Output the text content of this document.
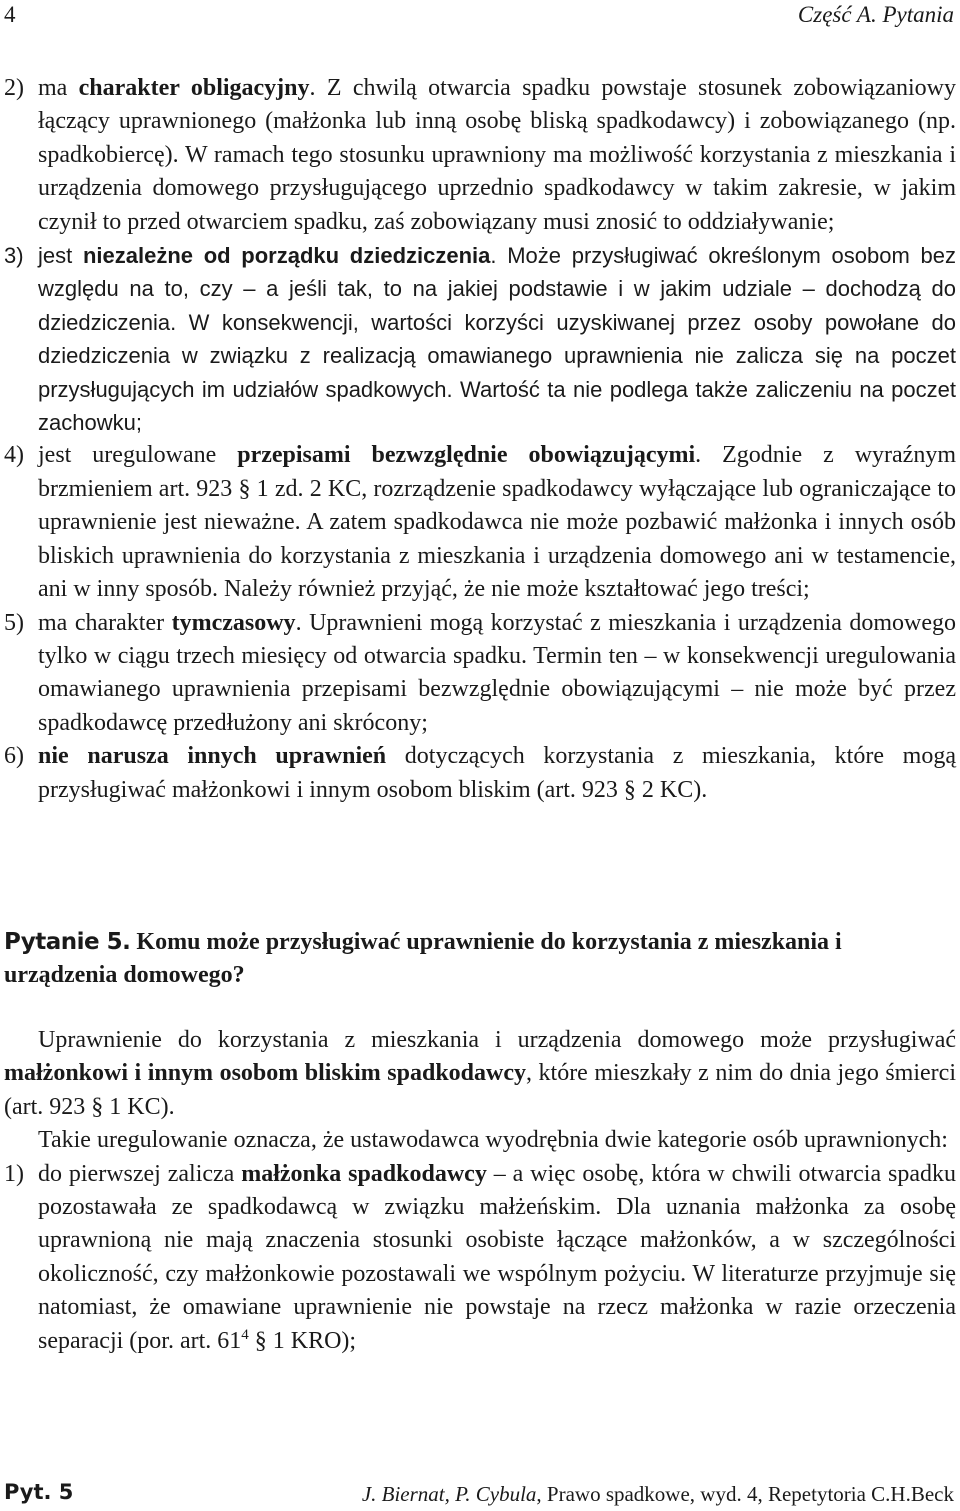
4	Część A. Pytania
2) ma charakter obligacyjny. Z chwilą otwarcia spadku powstaje stosunek zobowiązaniowy łączący uprawnionego (małżonka lub inną osobę bliską spadkodawcy) i zobowiązanego (np. spadkobiercę). W ramach tego stosunku uprawniony ma możliwość korzystania z mieszkania i urządzenia domowego przysługującego uprzednio spadkodawcy w takim zakresie, w jakim czynił to przed otwarciem spadku, zaś zobowiązany musi znosić to oddziaływanie;

3) jest niezależne od porządku dziedziczenia. Może przysługiwać określonym osobom bez względu na to, czy – a jeśli tak, to na jakiej podstawie i w jakim udziale – dochodzą do dziedziczenia. W konsekwencji, wartości korzyści uzyskiwanej przez osoby powołane do dziedziczenia w związku z realizacją omawianego uprawnienia nie zalicza się na poczet przysługujących im udziałów spadkowych. Wartość ta nie podlega także zaliczeniu na poczet zachowku;

4) jest uregulowane przepisami bezwzględnie obowiązującymi. Zgodnie z wyraźnym brzmieniem art. 923 § 1 zd. 2 KC, rozrządzenie spadkodawcy wyłączające lub ograniczające to uprawnienie jest nieważne. A zatem spadkodawca nie może pozbawić małżonka i innych osób bliskich uprawnienia do korzystania z mieszkania i urządzenia domowego ani w testamencie, ani w inny sposób. Należy również przyjąć, że nie może kształtować jego treści;

5) ma charakter tymczasowy. Uprawnieni mogą korzystać z mieszkania i urządzenia domowego tylko w ciągu trzech miesięcy od otwarcia spadku. Termin ten – w konsekwencji uregulowania omawianego uprawnienia przepisami bezwzględnie obowiązującymi – nie może być przez spadkodawcę przedłużony ani skrócony;

6) nie narusza innych uprawnień dotyczących korzystania z mieszkania, które mogą przysługiwać małżonkowi i innym osobom bliskim (art. 923 § 2 KC).

Pytanie 5. Komu może przysługiwać uprawnienie do korzystania z mieszkania i urządzenia domowego?

Uprawnienie do korzystania z mieszkania i urządzenia domowego może przysługiwać małżonkowi i innym osobom bliskim spadkodawcy, które mieszkały z nim do dnia jego śmierci (art. 923 § 1 KC).

Takie uregulowanie oznacza, że ustawodawca wyodrębnia dwie kategorie osób uprawnionych:

1) do pierwszej zalicza małżonka spadkodawcy – a więc osobę, która w chwili otwarcia spadku pozostawała ze spadkodawcą w związku małżeńskim. Dla uznania małżonka za osobę uprawnioną nie mają znaczenia stosunki osobiste łączące małżonków, a w szczególności okoliczność, czy małżonkowie pozostawali we wspólnym pożyciu. W literaturze przyjmuje się natomiast, że omawiane uprawnienie nie powstaje na rzecz małżonka w razie orzeczenia separacji (por. art. $61^4$ § 1 KRO);

Pyt. 5	J. Biernat, P. Cybula, Prawo spadkowe, wyd. 4, Repetytoria C.H.Beck
